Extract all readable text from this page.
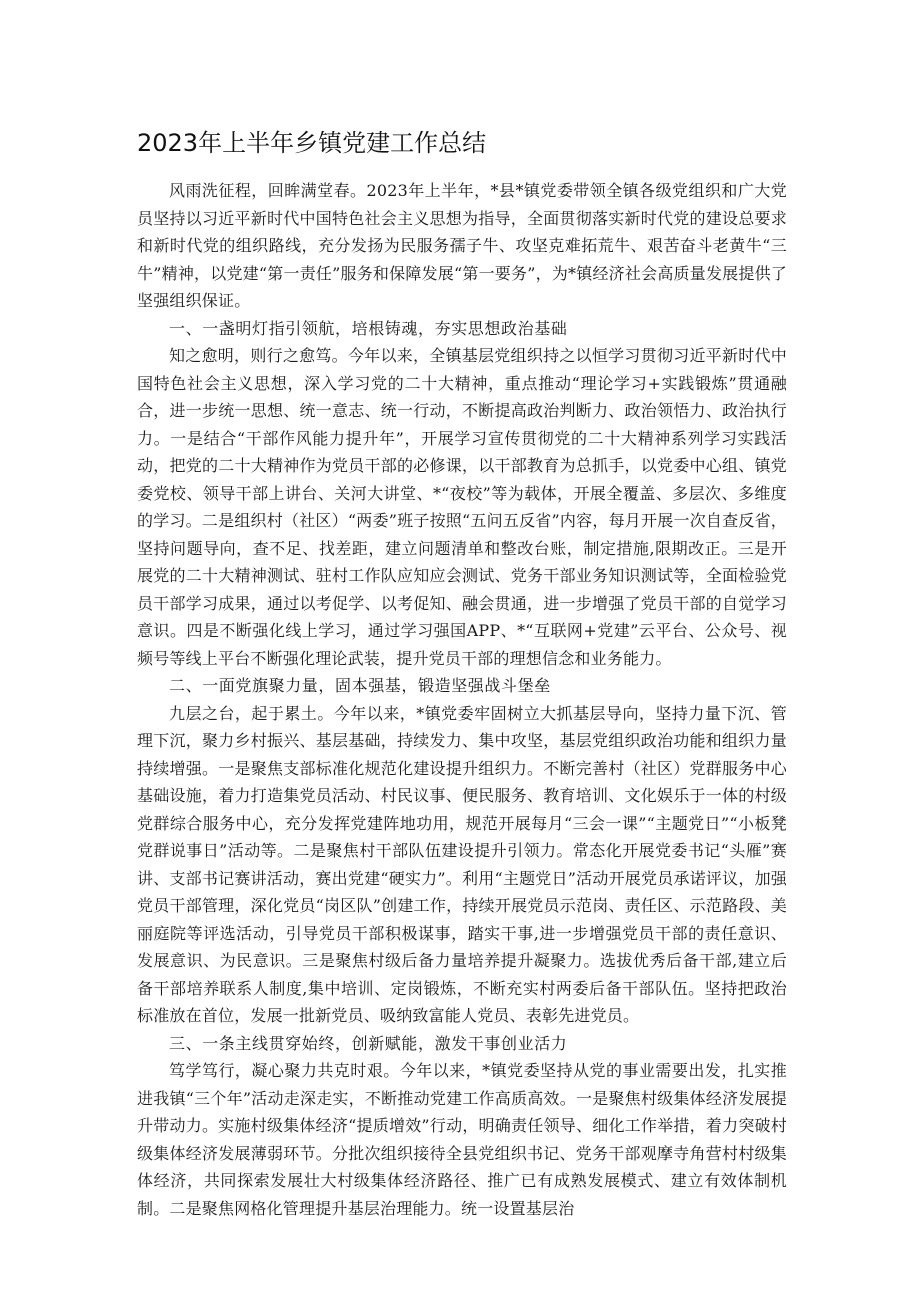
2023年上半年乡镇党建工作总结

风雨洗征程，回眸满堂春。2023年上半年，*县*镇党委带领全镇各级党组织和广大党员坚持以习近平新时代中国特色社会主义思想为指导，全面贯彻落实新时代党的建设总要求和新时代党的组织路线，充分发扬为民服务孺子牛、攻坚克难拓荒牛、艰苦奋斗老黄牛“三牛”精神，以党建“第一责任”服务和保障发展“第一要务”，为*镇经济社会高质量发展提供了坚强组织保证。

一、一盏明灯指引领航，培根铸魂，夯实思想政治基础

知之愈明，则行之愈笃。今年以来，全镇基层党组织持之以恒学习贯彻习近平新时代中国特色社会主义思想，深入学习党的二十大精神，重点推动“理论学习+实践锻炼”贯通融合，进一步统一思想、统一意志、统一行动，不断提高政治判断力、政治领悟力、政治执行力。一是结合“干部作风能力提升年”，开展学习宣传贯彻党的二十大精神系列学习实践活动，把党的二十大精神作为党员干部的必修课，以干部教育为总抓手，以党委中心组、镇党委党校、领导干部上讲台、关河大讲堂、*“夜校”等为载体，开展全覆盖、多层次、多维度的学习。二是组织村（社区）“两委”班子按照“五问五反省”内容，每月开展一次自查反省，坚持问题导向，查不足、找差距，建立问题清单和整改台账，制定措施,限期改正。三是开展党的二十大精神测试、驻村工作队应知应会测试、党务干部业务知识测试等，全面检验党员干部学习成果，通过以考促学、以考促知、融会贯通，进一步增强了党员干部的自觉学习意识。四是不断强化线上学习，通过学习强国APP、*“互联网+党建”云平台、公众号、视频号等线上平台不断强化理论武装，提升党员干部的理想信念和业务能力。

二、一面党旗聚力量，固本强基，锻造坚强战斗堡垒

九层之台，起于累土。今年以来，*镇党委牢固树立大抓基层导向，坚持力量下沉、管理下沉，聚力乡村振兴、基层基础，持续发力、集中攻坚，基层党组织政治功能和组织力量持续增强。一是聚焦支部标准化规范化建设提升组织力。不断完善村（社区）党群服务中心基础设施，着力打造集党员活动、村民议事、便民服务、教育培训、文化娱乐于一体的村级党群综合服务中心，充分发挥党建阵地功用，规范开展每月“三会一课”“主题党日”“小板凳党群说事日”活动等。二是聚焦村干部队伍建设提升引领力。常态化开展党委书记“头雁”赛讲、支部书记赛讲活动，赛出党建“硬实力”。利用“主题党日”活动开展党员承诺评议，加强党员干部管理，深化党员“岗区队”创建工作，持续开展党员示范岗、责任区、示范路段、美丽庭院等评选活动，引导党员干部积极谋事，踏实干事,进一步增强党员干部的责任意识、发展意识、为民意识。三是聚焦村级后备力量培养提升凝聚力。选拔优秀后备干部,建立后备干部培养联系人制度,集中培训、定岗锻炼，不断充实村两委后备干部队伍。坚持把政治标准放在首位，发展一批新党员、吸纳致富能人党员、表彰先进党员。

三、一条主线贯穿始终，创新赋能，激发干事创业活力

笃学笃行，凝心聚力共克时艰。今年以来，*镇党委坚持从党的事业需要出发，扎实推进我镇“三个年”活动走深走实，不断推动党建工作高质高效。一是聚焦村级集体经济发展提升带动力。实施村级集体经济“提质增效”行动，明确责任领导、细化工作举措，着力突破村级集体经济发展薄弱环节。分批次组织接待全县党组织书记、党务干部观摩寺角营村村级集体经济，共同探索发展壮大村级集体经济路径、推广已有成熟发展模式、建立有效体制机制。二是聚焦网格化管理提升基层治理能力。统一设置基层治
